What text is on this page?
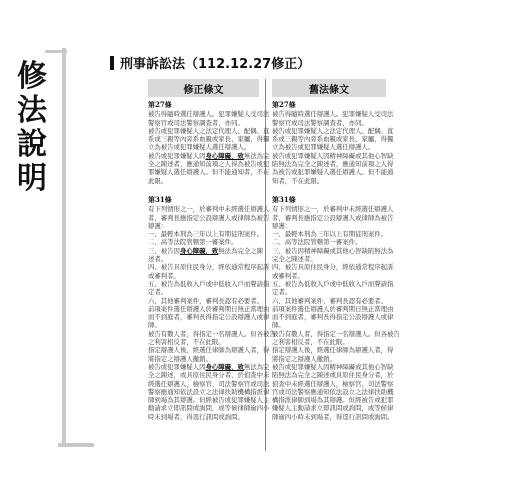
修
法
說
明
刑事訴訟法（112.12.27修正）
修正條文	舊法條文
第27條
被告得隨時選任辯護人。犯罪嫌疑人受司法
警察官或司法警察調查者，亦同。
被告或犯罪嫌疑人之法定代理人、配偶、直
系或三親等內旁系血親或家長、家屬，得獨
立為被告或犯罪嫌疑人選任辯護人。
被告或犯罪嫌疑人因身心障礙，致無法為完
全之陳述者，應通知前項之人得為被告或犯
罪嫌疑人選任辯護人。但不能通知者，不在
此限。
第31條
有下列情形之一，於審判中未經選任辯護人
者，審判長應指定公設辯護人或律師為被告
辯護：
一、最輕本刑為三年以上有期徒刑案件。
二、高等法院管轄第一審案件。
三、被告因身心障礙，致無法為完全之陳
述者。
四、被告具原住民身分，經依通常程序起訴
或審判者。
五、被告為低收入戶或中低收入戶而聲請指
定者。
六、其他審判案件，審判長認有必要者。
前項案件選任辯護人於審判期日無正當理由
而不到庭者，審判長得指定公設辯護人或律
師。
被告有數人者，得指定一名辯護人。但各被告
之利害相反者，不在此限。
指定辯護人後，經選任律師為辯護人者，得
將指定之辯護人撤銷。
被告或犯罪嫌疑人因身心障礙，致無法為完
全之陳述，或具原住民身分者，於偵查中未
經選任辯護人，檢察官、司法警察官或司法
警察應通知依法設立之法律扶助機構指派律
師到場為其辯護。但經被告或犯罪嫌疑人主
動請求立即訊問或詢問，或等候律師逾四小
時未到場者，得逕行訊問或詢問。
第27條
被告得隨時選任辯護人。犯罪嫌疑人受司法
警察官或司法警察調查者，亦同。
被告或犯罪嫌疑人之法定代理人、配偶、直
系或三親等內旁系血親或家長、家屬，得獨
立為被告或犯罪嫌疑人選任辯護人。
被告或犯罪嫌疑人因精神障礙或其他心智缺
陷無法為完全之陳述者，應通知前項之人得
為被告或犯罪嫌疑人選任辯護人。但不能通
知者，不在此限。
第31條
有下列情形之一，於審判中未經選任辯護人
者，審判長應指定公設辯護人或律師為被告
辯護：
一、最輕本刑為三年以上有期徒刑案件。
二、高等法院管轄第一審案件。
三、被告因精神障礙或其他心智缺陷無法為
完全之陳述者。
四、被告具原住民身分，經依通常程序起訴
或審判者。
五、被告為低收入戶或中低收入戶而聲請指
定者。
六、其他審判案件，審判長認有必要者。
前項案件選任辯護人於審判期日無正當理由
而不到庭者，審判長得指定公設辯護人或律
師。
被告有數人者，得指定一名辯護人。但各被告
之利害相反者，不在此限。
指定辯護人後，經選任律師為辯護人者，得
將指定之辯護人撤銷。
被告或犯罪嫌疑人因精神障礙或其他心智缺
陷無法為完全之陳述或具原住民身分者，於
偵查中未經選任辯護人，檢察官、司法警察
官或司法警察應通知依法設立之法律扶助機
構指派律師到場為其辯護。但經被告或犯罪
嫌疑人主動請求立即訊問或詢問，或等候律
師逾四小時未到場者，得逕行訊問或詢問。
